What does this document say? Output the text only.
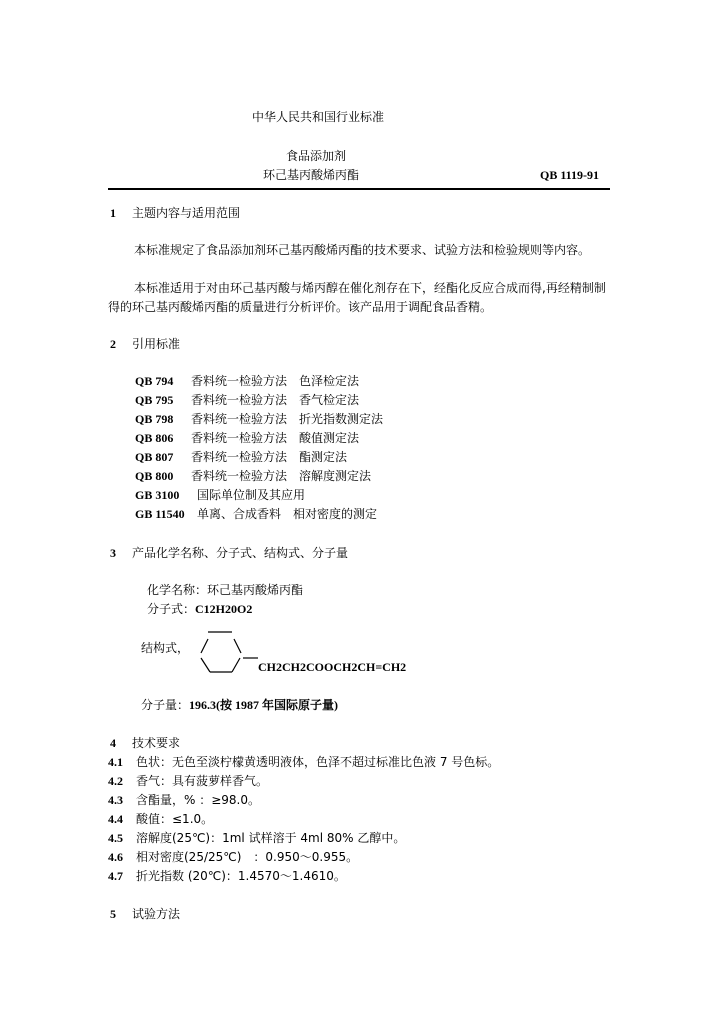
中华人民共和国行业标准
食品添加剂
环己基丙酸烯丙酯	QB 1119-91
1 主题内容与适用范围
本标准规定了食品添加剂环己基丙酸烯丙酯的技术要求、试验方法和检验规则等内容。
本标准适用于对由环己基丙酸与烯丙醇在催化剂存在下，经酯化反应合成而得,再经精制制得的环己基丙酸烯丙酯的质量进行分析评价。该产品用于调配食品香精。
2 引用标准
QB 794 香料统一检验方法　色泽检定法
QB 795 香料统一检验方法　香气检定法
QB 798 香料统一检验方法　折光指数测定法
QB 806 香料统一检验方法　酸值测定法
QB 807 香料统一检验方法　酯测定法
QB 800 香料统一检验方法　溶解度测定法
GB 3100 国际单位制及其应用
GB 11540 单离、合成香料　相对密度的测定
3 产品化学名称、分子式、结构式、分子量
化学名称：环己基丙酸烯丙酯
分子式：C12H20O2
结构式，
CH2CH2COOCH2CH=CH2
分子量：196.3(按 1987 年国际原子量)
4 技术要求
4.1 色状：无色至淡柠檬黄透明液体，色泽不超过标准比色液 7 号色标。
4.2 香气：具有菠萝样香气。
4.3 含酯量，% ：≥98.0。
4.4 酸值：≤1.0。
4.5 溶解度(25℃)：1ml 试样溶于 4ml 80% 乙醇中。
4.6 相对密度(25/25℃)　：0.950～0.955。
4.7 折光指数 (20℃)：1.4570～1.4610。
5 试验方法
